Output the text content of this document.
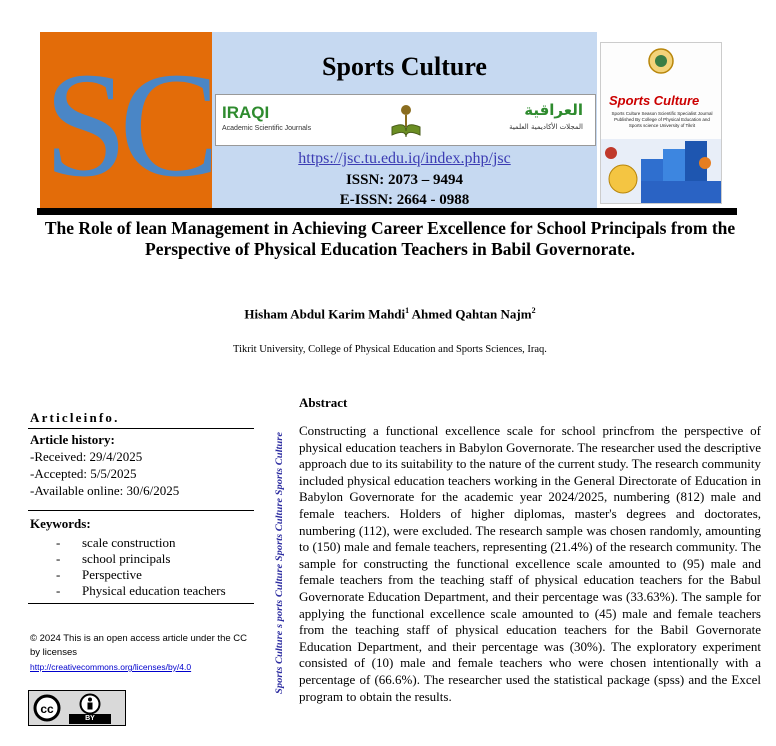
SC	Sports Culture
IRAQI
Academic Scientific Journals
العراقية
المجلات الأكاديمية العلمية
https://jsc.tu.edu.iq/index.php/jsc
ISSN: 2073 – 9494
E-ISSN: 2664 - 0988
Sports Culture
Sports Culture Season Scientific Specialist Journal Published By College of Physical Education and Sports science University of Tikrit
The Role of lean Management in Achieving Career Excellence for School Principals from the Perspective of Physical Education Teachers in Babil Governorate.
Hisham Abdul Karim Mahdi$^1$ Ahmed Qahtan Najm$^2$
Tikrit University, College of Physical Education and Sports Sciences, Iraq.
Articleinfo.
Article history:
-Received: 29/4/2025
-Accepted: 5/5/2025
-Available online: 30/6/2025
Keywords:
-	scale construction
-	school principals
-	Perspective
-	Physical education teachers
© 2024 This is an open access article under the CC by licenses
http://creativecommons.org/licenses/by/4.0
cc
BY
Sports Culture s ports Culture Sports Culture Sports Culture
Abstract
Constructing a functional excellence scale for school princfrom the perspective of physical education teachers in Babylon Governorate. The researcher used the descriptive approach due to its suitability to the nature of the current study. The research community included physical education teachers working in the General Directorate of Education in Babylon Governorate for the academic year 2024/2025, numbering (812) male and female teachers. Holders of higher diplomas, master's degrees and doctorates, numbering (112), were excluded. The research sample was chosen randomly, amounting to (150) male and female teachers, representing (21.4%) of the research community. The sample for constructing the functional excellence scale amounted to (95) male and female teachers from the teaching staff of physical education teachers for the Babul Governorate Education Department, and their percentage was (33.63%). The sample for applying the functional excellence scale amounted to (45) male and female teachers from the teaching staff of physical education teachers for the Babil Governorate Education Department, and their percentage was (30%). The exploratory experiment consisted of (10) male and female teachers who were chosen intentionally with a percentage of (66.6%). The researcher used the statistical package (spss) and the Excel program to obtain the results.
